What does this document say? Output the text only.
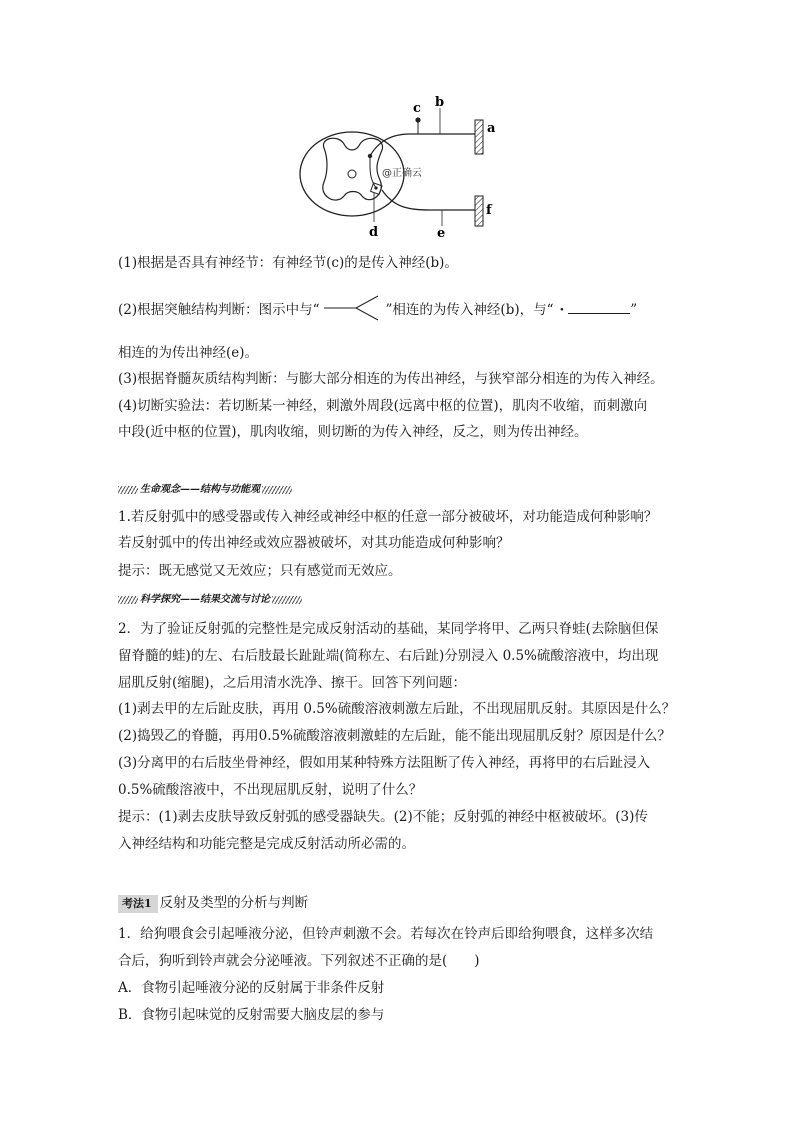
c b
a
f
d	e
@正确云
(1)根据是否具有神经节：有神经节(c)的是传入神经(b)。
(2)根据突触结构判断：图示中与“	”相连的为传入神经(b)，与“ ·	”
相连的为传出神经(e)。
(3)根据脊髓灰质结构判断：与膨大部分相连的为传出神经，与狭窄部分相连的为传入神经。
(4)切断实验法：若切断某一神经，刺激外周段(远离中枢的位置)，肌肉不收缩，而刺激向
中段(近中枢的位置)，肌肉收缩，则切断的为传入神经，反之，则为传出神经。
生命观念——结构与功能观
1.若反射弧中的感受器或传入神经或神经中枢的任意一部分被破坏，对功能造成何种影响？
若反射弧中的传出神经或效应器被破坏，对其功能造成何种影响？
提示：既无感觉又无效应；只有感觉而无效应。
科学探究——结果交流与讨论
2．为了验证反射弧的完整性是完成反射活动的基础，某同学将甲、乙两只脊蛙(去除脑但保
留脊髓的蛙)的左、右后肢最长趾趾端(简称左、右后趾)分别浸入 0.5%硫酸溶液中，均出现
屈肌反射(缩腿)，之后用清水洗净、擦干。回答下列问题：
(1)剥去甲的左后趾皮肤，再用 0.5%硫酸溶液刺激左后趾，不出现屈肌反射。其原因是什么？
(2)捣毁乙的脊髓，再用0.5%硫酸溶液刺激蛙的左后趾，能不能出现屈肌反射？原因是什么？
(3)分离甲的右后肢坐骨神经，假如用某种特殊方法阻断了传入神经，再将甲的右后趾浸入
0.5%硫酸溶液中，不出现屈肌反射，说明了什么？
提示：(1)剥去皮肤导致反射弧的感受器缺失。(2)不能；反射弧的神经中枢被破坏。(3)传
入神经结构和功能完整是完成反射活动所必需的。
考法1 反射及类型的分析与判断
1．给狗喂食会引起唾液分泌，但铃声刺激不会。若每次在铃声后即给狗喂食，这样多次结
合后，狗听到铃声就会分泌唾液。下列叙述不正确的是(　　)
A．食物引起唾液分泌的反射属于非条件反射
B．食物引起味觉的反射需要大脑皮层的参与
